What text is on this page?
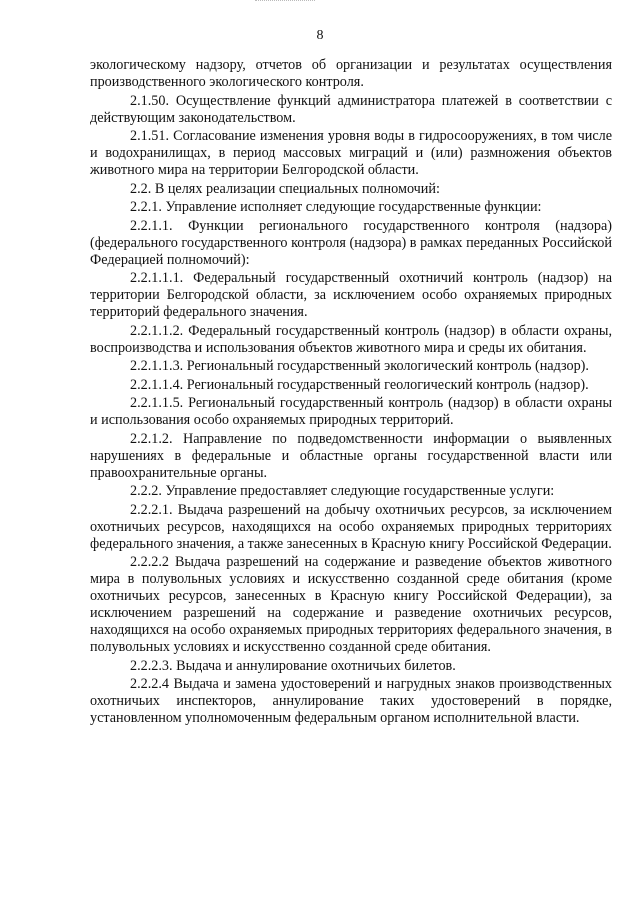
8

экологическому надзору, отчетов об организации и результатах осуществления производственного экологического контроля.

2.1.50. Осуществление функций администратора платежей в соответствии с действующим законодательством.

2.1.51. Согласование изменения уровня воды в гидросооружениях, в том числе и водохранилищах, в период массовых миграций и (или) размножения объектов животного мира на территории Белгородской области.

2.2. В целях реализации специальных полномочий:

2.2.1. Управление исполняет следующие государственные функции:

2.2.1.1. Функции регионального государственного контроля (надзора) (федерального государственного контроля (надзора) в рамках переданных Российской Федерацией полномочий):

2.2.1.1.1. Федеральный государственный охотничий контроль (надзор) на территории Белгородской области, за исключением особо охраняемых природных территорий федерального значения.

2.2.1.1.2. Федеральный государственный контроль (надзор) в области охраны, воспроизводства и использования объектов животного мира и среды их обитания.

2.2.1.1.3. Региональный государственный экологический контроль (надзор).

2.2.1.1.4. Региональный государственный геологический контроль (надзор).

2.2.1.1.5. Региональный государственный контроль (надзор) в области охраны и использования особо охраняемых природных территорий.

2.2.1.2. Направление по подведомственности информации о выявленных нарушениях в федеральные и областные органы государственной власти или правоохранительные органы.

2.2.2. Управление предоставляет следующие государственные услуги:

2.2.2.1. Выдача разрешений на добычу охотничьих ресурсов, за исключением охотничьих ресурсов, находящихся на особо охраняемых природных территориях федерального значения, а также занесенных в Красную книгу Российской Федерации.

2.2.2.2 Выдача разрешений на содержание и разведение объектов животного мира в полувольных условиях и искусственно созданной среде обитания (кроме охотничьих ресурсов, занесенных в Красную книгу Российской Федерации), за исключением разрешений на содержание и разведение охотничьих ресурсов, находящихся на особо охраняемых природных территориях федерального значения, в полувольных условиях и искусственно созданной среде обитания.

2.2.2.3. Выдача и аннулирование охотничьих билетов.

2.2.2.4 Выдача и замена удостоверений и нагрудных знаков производственных охотничьих инспекторов, аннулирование таких удостоверений в порядке, установленном уполномоченным федеральным органом исполнительной власти.
